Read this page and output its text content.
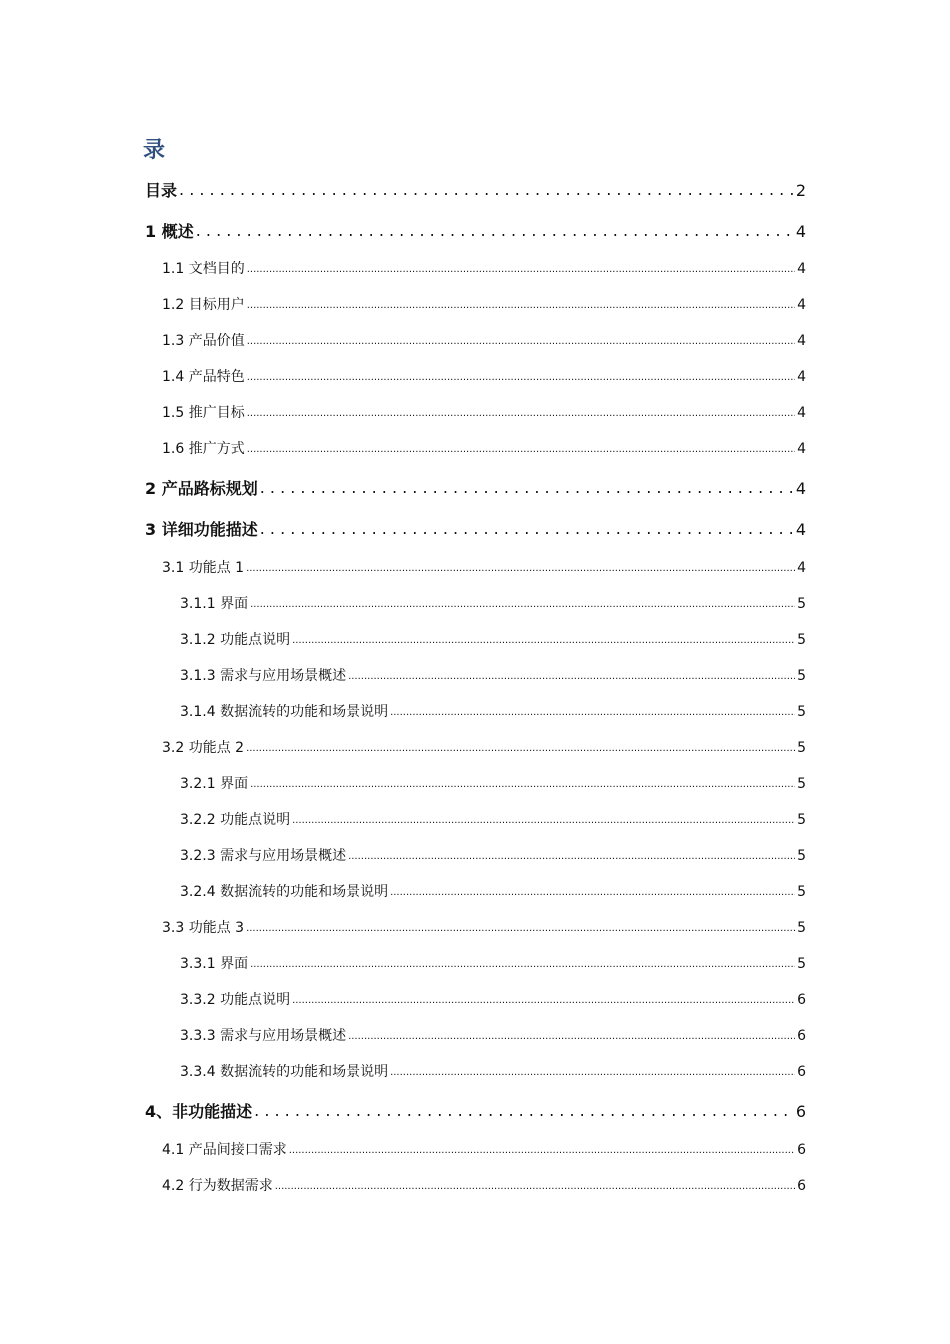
录
目录 . . .	2
1 概述 . . .	4
1.1 文档目的 .....	4
1.2 目标用户 .....	4
1.3 产品价值 .....	4
1.4 产品特色 .....	4
1.5 推广目标 .....	4
1.6 推广方式 .....	4
2 产品路标规划 . . .	4
3 详细功能描述 . . .	4
3.1 功能点 1 .....	4
3.1.1 界面 .....	5
3.1.2 功能点说明 .....	5
3.1.3 需求与应用场景概述 .....	5
3.1.4 数据流转的功能和场景说明 .....	5
3.2 功能点 2 .....	5
3.2.1 界面 .....	5
3.2.2 功能点说明 .....	5
3.2.3 需求与应用场景概述 .....	5
3.2.4 数据流转的功能和场景说明 .....	5
3.3 功能点 3 .....	5
3.3.1 界面 .....	5
3.3.2 功能点说明 .....	6
3.3.3 需求与应用场景概述 .....	6
3.3.4 数据流转的功能和场景说明 .....	6
4、非功能描述 . . .	6
4.1 产品间接口需求 .....	6
4.2 行为数据需求 .....	6
